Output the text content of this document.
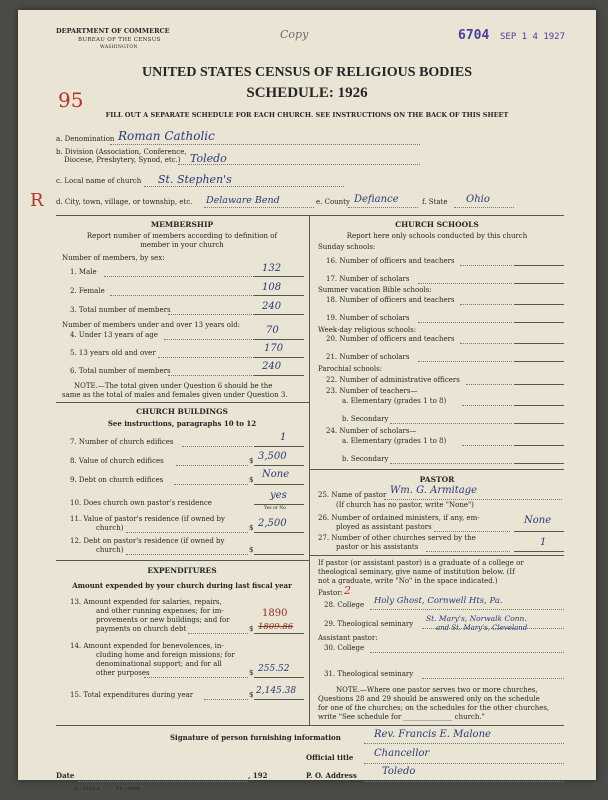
DEPARTMENT OF COMMERCE
BUREAU OF THE CENSUS
WASHINGTON
Copy	6704 SEP 1 4 1927
UNITED STATES CENSUS OF RELIGIOUS BODIES
SCHEDULE: 1926
95
FILL OUT A SEPARATE SCHEDULE FOR EACH CHURCH. SEE INSTRUCTIONS ON THE BACK OF THIS SHEET
a. Denomination Roman Catholic
b. Division (Association, Conference,
Diocese, Presbytery, Synod, etc.) Toledo
R
c. Local name of church St. Stephen's
d. City, town, village, or township, etc. Delaware Bend	e. County Defiance	f. State Ohio
MEMBERSHIP
Report number of members according to definition of
member in your church
Number of members, by sex:
1. Male	132
2. Female	108
3. Total number of members	240
Number of members under and over 13 years old:
4. Under 13 years of age	70
5. 13 years old and over	170
6. Total number of members	240
NOTE.—The total given under Question 6 should be the
same as the total of males and females given under Question 3.
CHURCH BUILDINGS
See instructions, paragraphs 10 to 12
7. Number of church edifices	1
8. Value of church edifices	$ 3,500
9. Debt on church edifices	$ None
10. Does church own pastor's residence
yes
Yes or No
11. Value of pastor's residence (if owned by
church)	$ 2,500
12. Debt on pastor's residence (if owned by
church)	$
EXPENDITURES
Amount expended by your church during last fiscal year
13. Amount expended for salaries, repairs,
and other running expenses; for im-
provements or new buildings; and for
payments on church debt	$
1890
1809.86
14. Amount expended for benevolences, in-
cluding home and foreign missions; for
denominational support; and for all
other purposes	$ 255.52
15. Total expenditures during year	$ 2,145.38
CHURCH SCHOOLS
Report here only schools conducted by this church
Sunday schools:
16. Number of officers and teachers
17. Number of scholars
Summer vacation Bible schools:
18. Number of officers and teachers
19. Number of scholars
Week-day religious schools:
20. Number of officers and teachers
21. Number of scholars
Parochial schools:
22. Number of administrative officers
23. Number of teachers—
a. Elementary (grades 1 to 8)
b. Secondary
24. Number of scholars—
a. Elementary (grades 1 to 8)
b. Secondary
PASTOR
25. Name of pastor Wm. G. Armitage
(If church has no pastor, write "None")
26. Number of ordained ministers, if any, em-
ployed as assistant pastors
None
27. Number of other churches served by the
pastor or his assistants	1
If pastor (or assistant pastor) is a graduate of a college or
theological seminary, give name of institution below. (If
not a graduate, write "No" in the space indicated.)
Pastor: 2
28. College Holy Ghost, Cornwell Hts, Pa.
29. Theological seminary
St. Mary's, Norwalk Conn.
and St. Mary's, Cleveland
Assistant pastor:
30. College
31. Theological seminary
NOTE.—Where one pastor serves two or more churches,
Questions 28 and 29 should be answered only on the schedule
for one of the churches; on the schedules for the other churches,
write "See schedule for ______________ church."
Signature of person furnishing information	Rev. Francis E. Malone
Official title Chancellor
Date	, 192	P. O. Address	Toledo
S—5518 a	11—8084
